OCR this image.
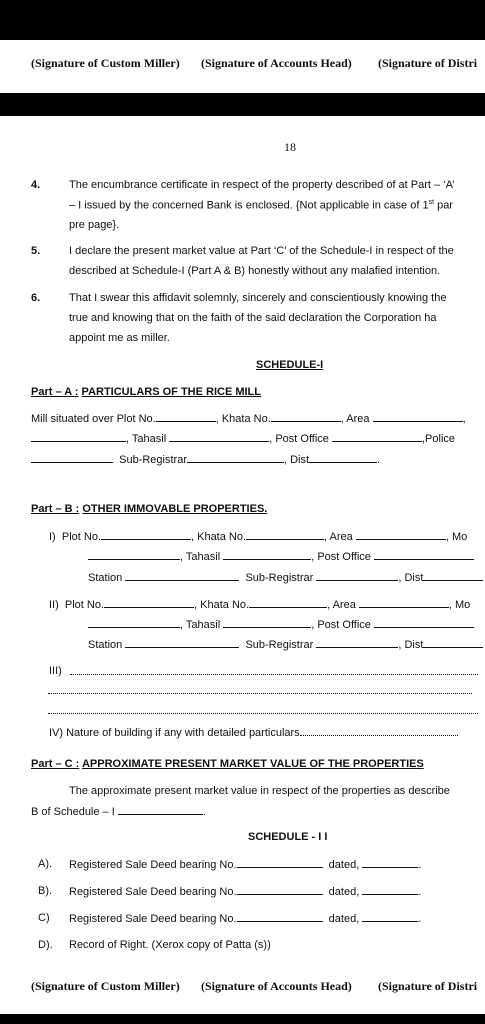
(Signature of Custom Miller) (Signature of Accounts Head) (Signature of Distri
18
4.	The encumbrance certificate in respect of the property described of at Part – ‘A’
– I issued by the concerned Bank is enclosed. {Not applicable in case of 1st par
pre page}.
5.	I declare the present market value at Part ‘C’ of the Schedule-I in respect of the
described at Schedule-I (Part A & B) honestly without any malafied intention.
6.	That I swear this affidavit solemnly, sincerely and conscientiously knowing the
true and knowing that on the faith of the said declaration the Corporation ha
appoint me as miller.
SCHEDULE-I
Part – A : PARTICULARS OF THE RICE MILL
Mill situated over Plot No.	, Khata No.	, Area	,
, Tahasil	, Post Office	,Police
Sub-Registrar	, Dist	.
Part – B : OTHER IMMOVABLE PROPERTIES.
I) Plot No.	, Khata No.	, Area	, Mo
, Tahasil	, Post Office
Station	Sub-Registrar	, Dist
II) Plot No.	, Khata No.	, Area	, Mo
, Tahasil	, Post Office
Station	Sub-Registrar	, Dist
III)
IV) Nature of building if any with detailed particulars
Part – C : APPROXIMATE PRESENT MARKET VALUE OF THE PROPERTIES
The approximate present market value in respect of the properties as describe
B of Schedule – I	.
SCHEDULE - I I
A). Registered Sale Deed bearing No.	dated,	.
B). Registered Sale Deed bearing No.	dated,	.
C) Registered Sale Deed bearing No.	dated,	.
D). Record of Right. (Xerox copy of Patta (s))
(Signature of Custom Miller) (Signature of Accounts Head) (Signature of Distri
